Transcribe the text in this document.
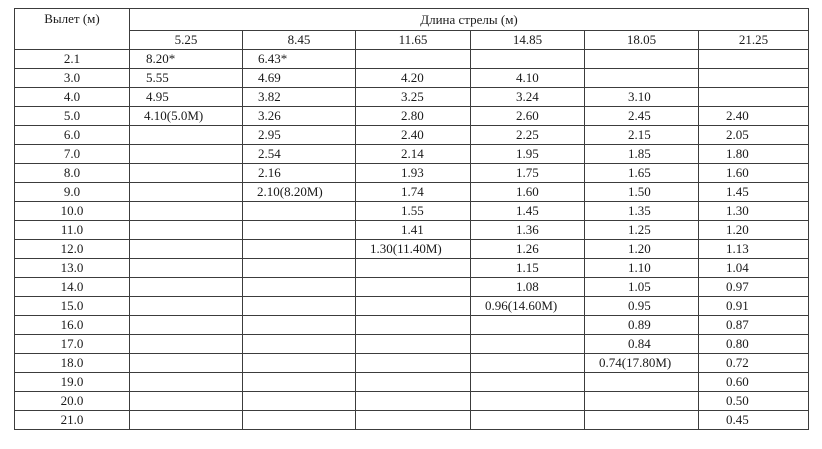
Вылет (м)	Длина стрелы (м)					
	5.25	8.45	11.65	14.85	18.05	21.25
2.1	8.20*	6.43*				
3.0	5.55	4.69	4.20	4.10		
4.0	4.95	3.82	3.25	3.24	3.10	
5.0	4.10(5.0M)	3.26	2.80	2.60	2.45	2.40
6.0		2.95	2.40	2.25	2.15	2.05
7.0		2.54	2.14	1.95	1.85	1.80
8.0		2.16	1.93	1.75	1.65	1.60
9.0		2.10(8.20M)	1.74	1.60	1.50	1.45
10.0			1.55	1.45	1.35	1.30
11.0			1.41	1.36	1.25	1.20
12.0			1.30(11.40M)	1.26	1.20	1.13
13.0				1.15	1.10	1.04
14.0				1.08	1.05	0.97
15.0				0.96(14.60M)	0.95	0.91
16.0					0.89	0.87
17.0					0.84	0.80
18.0					0.74(17.80M)	0.72
19.0						0.60
20.0						0.50
21.0						0.45
